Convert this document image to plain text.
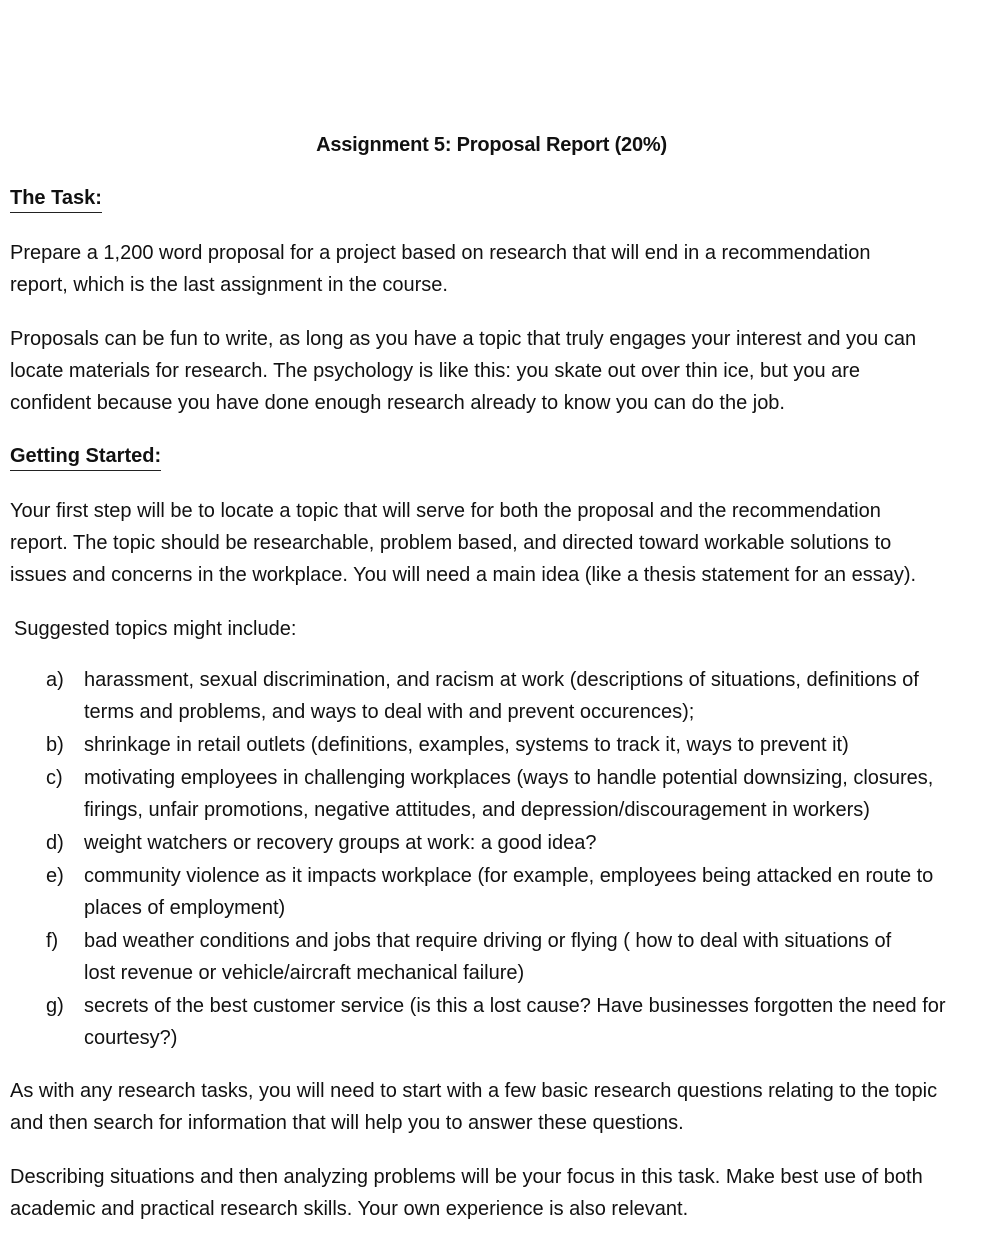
Assignment 5: Proposal Report (20%)
The Task:

Prepare a 1,200 word proposal for a project based on research that will end in a recommendation
report, which is the last assignment in the course.

Proposals can be fun to write, as long as you have a topic that truly engages your interest and you can
locate materials for research. The psychology is like this: you skate out over thin ice, but you are
confident because you have done enough research already to know you can do the job.

Getting Started:

Your first step will be to locate a topic that will serve for both the proposal and the recommendation
report. The topic should be researchable, problem based, and directed toward workable solutions to
issues and concerns in the workplace. You will need a main idea (like a thesis statement for an essay).

Suggested topics might include:

a) harassment, sexual discrimination, and racism at work (descriptions of situations, definitions of
terms and problems, and ways to deal with and prevent occurences);
b) shrinkage in retail outlets (definitions, examples, systems to track it, ways to prevent it)
c) motivating employees in challenging workplaces (ways to handle potential downsizing, closures,
firings, unfair promotions, negative attitudes, and depression/discouragement in workers)
d) weight watchers or recovery groups at work: a good idea?
e) community violence as it impacts workplace (for example, employees being attacked en route to
places of employment)
f) bad weather conditions and jobs that require driving or flying ( how to deal with situations of
lost revenue or vehicle/aircraft mechanical failure)
g) secrets of the best customer service (is this a lost cause? Have businesses forgotten the need for
courtesy?)

As with any research tasks, you will need to start with a few basic research questions relating to the topic
and then search for information that will help you to answer these questions.

Describing situations and then analyzing problems will be your focus in this task. Make best use of both
academic and practical research skills. Your own experience is also relevant.
